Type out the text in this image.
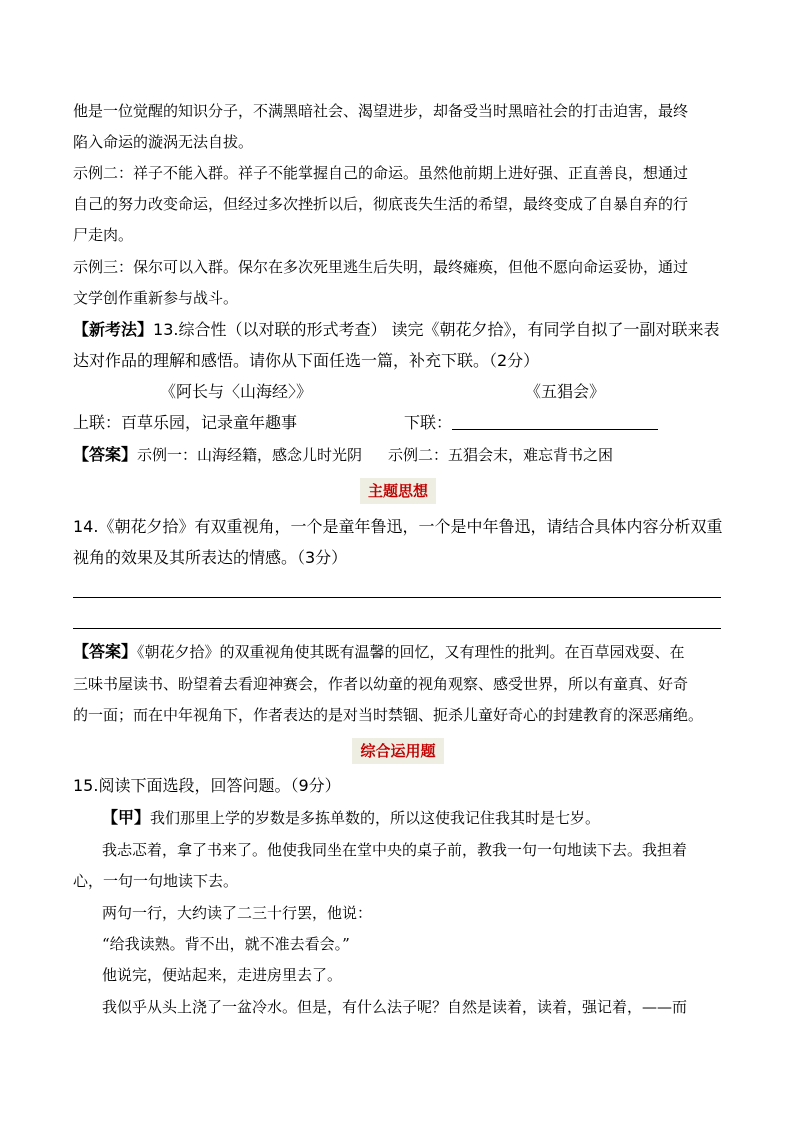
他是一位觉醒的知识分子，不满黑暗社会、渴望进步，却备受当时黑暗社会的打击迫害，最终
陷入命运的漩涡无法自拔。
示例二：祥子不能入群。祥子不能掌握自己的命运。虽然他前期上进好强、正直善良，想通过
自己的努力改变命运，但经过多次挫折以后，彻底丧失生活的希望，最终变成了自暴自弃的行
尸走肉。
示例三：保尔可以入群。保尔在多次死里逃生后失明，最终瘫痪，但他不愿向命运妥协，通过
文学创作重新参与战斗。
【新考法】13.综合性（以对联的形式考查） 读完《朝花夕拾》，有同学自拟了一副对联来表
达对作品的理解和感悟。请你从下面任选一篇，补充下联。（2分）
《阿长与〈山海经〉》	《五猖会》
上联：百草乐园，记录童年趣事	下联：
【答案】示例一：山海经籍，感念儿时光阴 示例二：五猖会末，难忘背书之困
主题思想
14.《朝花夕拾》有双重视角，一个是童年鲁迅，一个是中年鲁迅，请结合具体内容分析双重
视角的效果及其所表达的情感。（3分）
【答案】《朝花夕拾》的双重视角使其既有温馨的回忆，又有理性的批判。在百草园戏耍、在
三味书屋读书、盼望着去看迎神赛会，作者以幼童的视角观察、感受世界，所以有童真、好奇
的一面；而在中年视角下，作者表达的是对当时禁锢、扼杀儿童好奇心的封建教育的深恶痛绝。
综合运用题
15.阅读下面选段，回答问题。（9分）
【甲】我们那里上学的岁数是多拣单数的，所以这使我记住我其时是七岁。
我忐忑着，拿了书来了。他使我同坐在堂中央的桌子前，教我一句一句地读下去。我担着
心，一句一句地读下去。
两句一行，大约读了二三十行罢，他说：
“给我读熟。背不出，就不准去看会。”
他说完，便站起来，走进房里去了。
我似乎从头上浇了一盆冷水。但是，有什么法子呢？自然是读着，读着，强记着，——而
